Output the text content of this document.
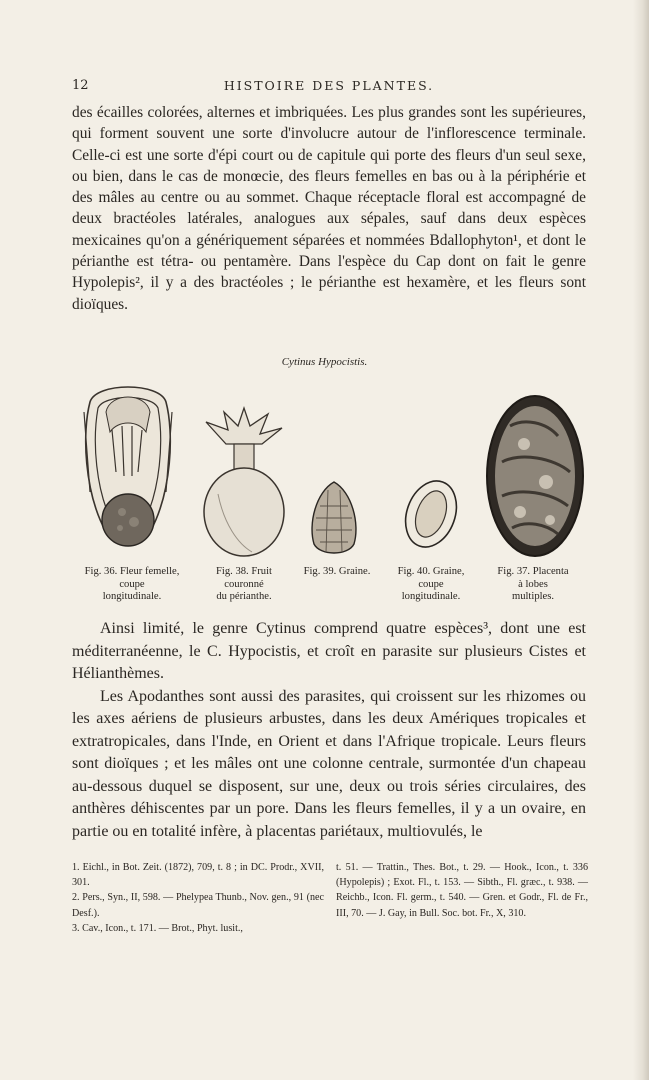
12	HISTOIRE DES PLANTES.

des écailles colorées, alternes et imbriquées. Les plus grandes sont les supérieures, qui forment souvent une sorte d'involucre autour de l'inflorescence terminale. Celle-ci est une sorte d'épi court ou de capitule qui porte des fleurs d'un seul sexe, ou bien, dans le cas de monœcie, des fleurs femelles en bas ou à la périphérie et des mâles au centre ou au sommet. Chaque réceptacle floral est accompagné de deux bractéoles latérales, analogues aux sépales, sauf dans deux espèces mexicaines qu'on a génériquement séparées et nommées Bdallophyton¹, et dont le périanthe est tétra- ou pentamère. Dans l'espèce du Cap dont on fait le genre Hypolepis², il y a des bractéoles ; le périanthe est hexamère, et les fleurs sont dioïques.

Cytinus Hypocistis.
Fig. 36. Fleur femelle,
coupe
longitudinale.
Fig. 38. Fruit
couronné
du périanthe.
Fig. 39. Graine.	Fig. 40. Graine,
coupe
longitudinale.
Fig. 37. Placenta
à lobes
multiples.

Ainsi limité, le genre Cytinus comprend quatre espèces³, dont une est méditerranéenne, le C. Hypocistis, et croît en parasite sur plusieurs Cistes et Hélianthèmes.

Les Apodanthes sont aussi des parasites, qui croissent sur les rhizomes ou les axes aériens de plusieurs arbustes, dans les deux Amériques tropicales et extratropicales, dans l'Inde, en Orient et dans l'Afrique tropicale. Leurs fleurs sont dioïques ; et les mâles ont une colonne centrale, surmontée d'un chapeau au-dessous duquel se disposent, sur une, deux ou trois séries circulaires, des anthères déhiscentes par un pore. Dans les fleurs femelles, il y a un ovaire, en partie ou en totalité infère, à placentas pariétaux, multiovulés, le

1. Eichl., in Bot. Zeit. (1872), 709, t. 8 ; in DC. Prodr., XVII, 301.

2. Pers., Syn., II, 598. — Phelypea Thunb., Nov. gen., 91 (nec Desf.).

3. Cav., Icon., t. 171. — Brot., Phyt. lusit.,

t. 51. — Trattin., Thes. Bot., t. 29. — Hook., Icon., t. 336 (Hypolepis) ; Exot. Fl., t. 153. — Sibth., Fl. græc., t. 938. — Reichb., Icon. Fl. germ., t. 540. — Gren. et Godr., Fl. de Fr., III, 70. — J. Gay, in Bull. Soc. bot. Fr., X, 310.
